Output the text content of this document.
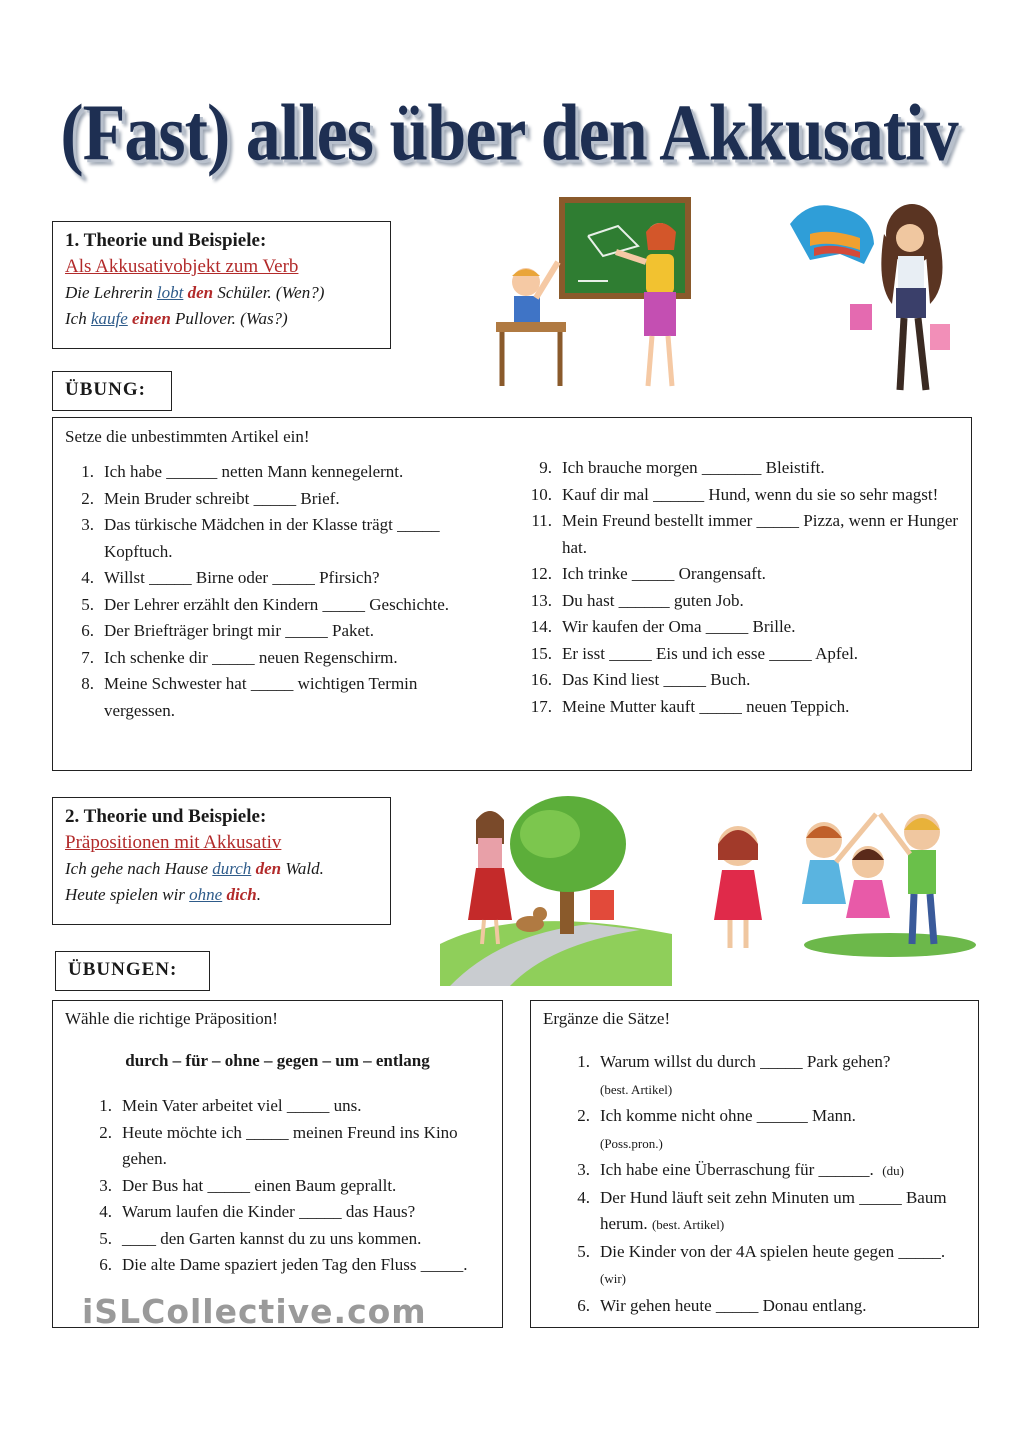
(Fast) alles über den Akkusativ
1. Theorie und Beispiele:
Als Akkusativobjekt zum Verb
Die Lehrerin lobt den Schüler. (Wen?)
Ich kaufe einen Pullover. (Was?)
ÜBUNG:
Setze die unbestimmten Artikel ein!
1. Ich habe ______ netten Mann kennegelernt.
2. Mein Bruder schreibt _____ Brief.
3. Das türkische Mädchen in der Klasse trägt _____ Kopftuch.
4. Willst _____ Birne oder _____ Pfirsich?
5. Der Lehrer erzählt den Kindern _____ Geschichte.
6. Der Briefträger bringt mir _____ Paket.
7. Ich schenke dir _____ neuen Regenschirm.
8. Meine Schwester hat _____ wichtigen Termin vergessen.
9. Ich brauche morgen _______ Bleistift.
10. Kauf dir mal ______ Hund, wenn du sie so sehr magst!
11. Mein Freund bestellt immer _____ Pizza, wenn er Hunger hat.
12. Ich trinke _____ Orangensaft.
13. Du hast ______ guten Job.
14. Wir kaufen der Oma _____ Brille.
15. Er isst _____ Eis und ich esse _____ Apfel.
16. Das Kind liest _____ Buch.
17. Meine Mutter kauft _____ neuen Teppich.
2. Theorie und Beispiele:
Präpositionen mit Akkusativ
Ich gehe nach Hause durch den Wald.
Heute spielen wir ohne dich.
ÜBUNGEN:
Wähle die richtige Präposition!
durch – für – ohne – gegen – um – entlang
1. Mein Vater arbeitet viel _____ uns.
2. Heute möchte ich _____ meinen Freund ins Kino gehen.
3. Der Bus hat _____ einen Baum geprallt.
4. Warum laufen die Kinder _____ das Haus?
5. ____ den Garten kannst du zu uns kommen.
6. Die alte Dame spaziert jeden Tag den Fluss _____.
iSLCollective.com
Ergänze die Sätze!
1. Warum willst du durch _____ Park gehen?
(best. Artikel)
2. Ich komme nicht ohne ______ Mann.
(Poss.pron.)
3. Ich habe eine Überraschung für ______. (du)
4. Der Hund läuft seit zehn Minuten um _____ Baum herum. (best. Artikel)
5. Die Kinder von der 4A spielen heute gegen _____. (wir)
6. Wir gehen heute _____ Donau entlang.
